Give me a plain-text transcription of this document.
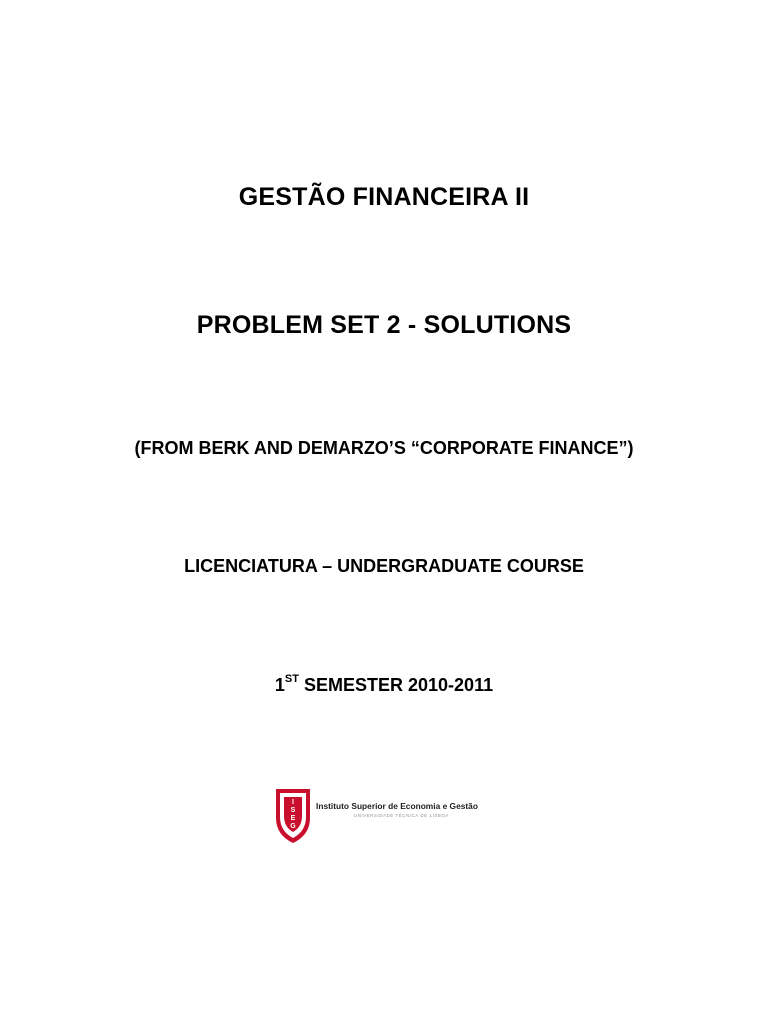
GESTÃO FINANCEIRA II
PROBLEM SET 2 - SOLUTIONS
(FROM BERK AND DEMARZO’S “CORPORATE FINANCE”)
LICENCIATURA – UNDERGRADUATE COURSE
1ST SEMESTER 2010-2011
I
S
E
G
Instituto Superior de Economia e Gestão
UNIVERSIDADE TÉCNICA DE LISBOA
